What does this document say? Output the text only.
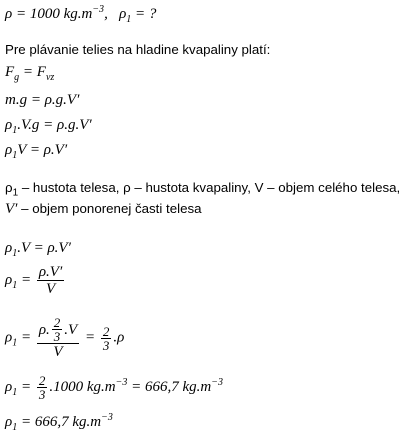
ρ = 1000 $kg.m^{-3}$, $\rho_1$ = ?
Pre plávanie telies na hladine kvapaliny platí:
$F_g = F_{vz}$
m.g = ρ.g.V′
$\rho_1.V.g = \rho.g.V'$
$\rho_1V = \rho.V'$
$\rho_1$ – hustota telesa, ρ – hustota kvapaliny, V – objem celého telesa,
V′ – objem ponorenej časti telesa
$\rho_1.V = \rho.V'$
$\rho_1 = \frac{\rho.V'}{V}$
$\rho_1 = \frac{\rho. \frac{2}{3} .V}{V} = \frac{2}{3} .\rho$
$\rho_1 = \frac{2}{3} .1000$ $kg.m^{-3} = 666,7$ $kg.m^{-3}$
$\rho_1 = 666,7$ $kg.m^{-3}$
